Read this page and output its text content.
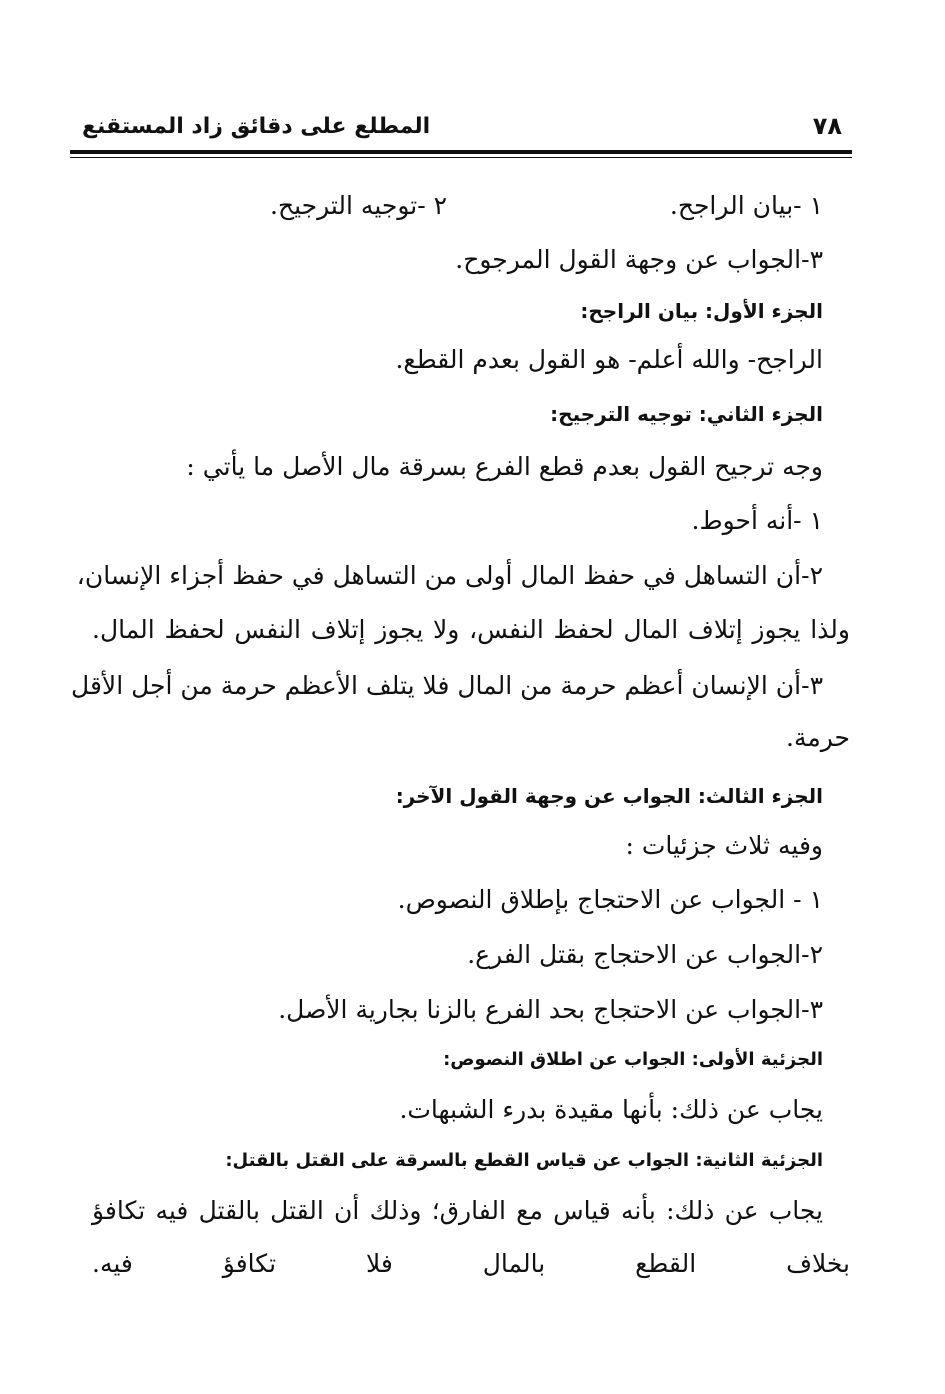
٧٨
المطلع على دقائق زاد المستقنع
١ -بيان الراجح.
٢ -توجيه الترجيح.
٣-الجواب عن وجهة القول المرجوح.
الجزء الأول: بيان الراجح:
الراجح- والله أعلم- هو القول بعدم القطع.
الجزء الثاني: توجيه الترجيح:
وجه ترجيح القول بعدم قطع الفرع بسرقة مال الأصل ما يأتي :
١ -أنه أحوط.
٢-أن التساهل في حفظ المال أولى من التساهل في حفظ أجزاء الإنسان،
ولذا يجوز إتلاف المال لحفظ النفس، ولا يجوز إتلاف النفس لحفظ المال.
٣-أن الإنسان أعظم حرمة من المال فلا يتلف الأعظم حرمة من أجل الأقل
حرمة.
الجزء الثالث: الجواب عن وجهة القول الآخر:
وفيه ثلاث جزئيات :
١ - الجواب عن الاحتجاج بإطلاق النصوص.
٢-الجواب عن الاحتجاج بقتل الفرع.
٣-الجواب عن الاحتجاج بحد الفرع بالزنا بجارية الأصل.
الجزئية الأولى: الجواب عن اطلاق النصوص:
يجاب عن ذلك: بأنها مقيدة بدرء الشبهات.
الجزئية الثانية: الجواب عن قياس القطع بالسرقة على القتل بالقتل:
يجاب عن ذلك: بأنه قياس مع الفارق؛ وذلك أن القتل بالقتل فيه تكافؤ
بخلاف القطع بالمال فلا تكافؤ فيه.
